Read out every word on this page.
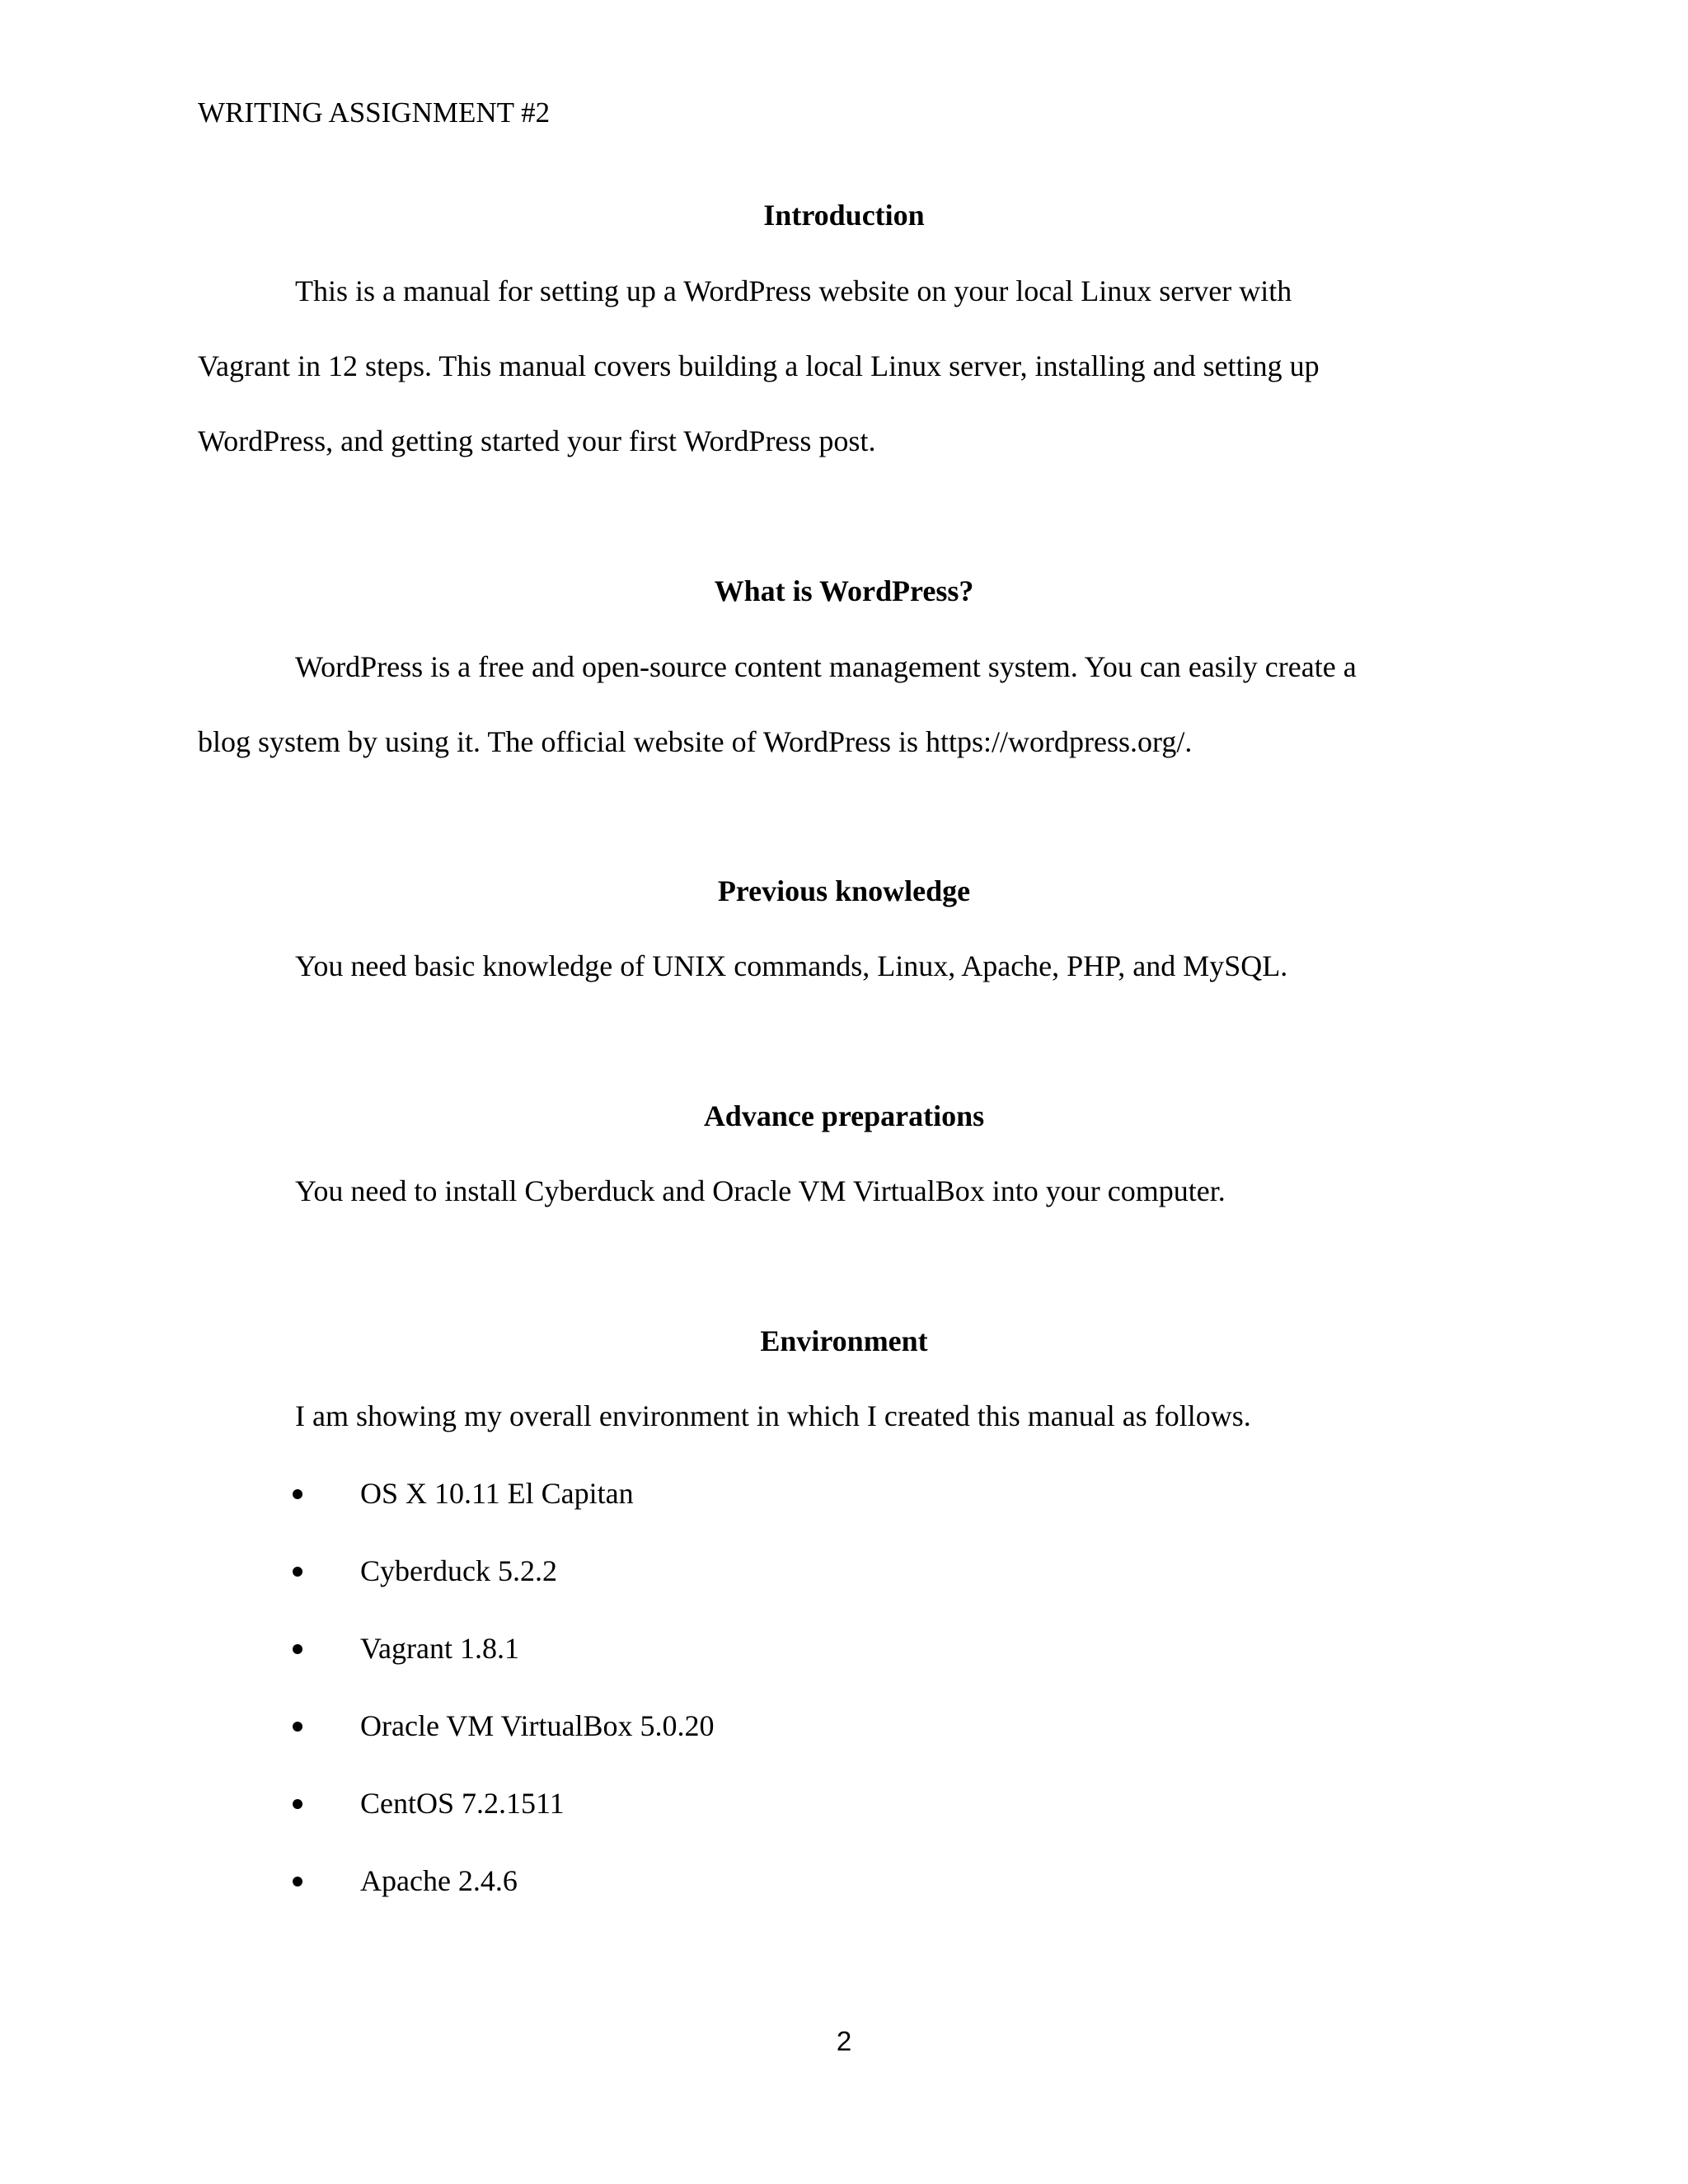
WRITING ASSIGNMENT #2
Introduction
This is a manual for setting up a WordPress website on your local Linux server with
Vagrant in 12 steps. This manual covers building a local Linux server, installing and setting up
WordPress, and getting started your first WordPress post.
What is WordPress?
WordPress is a free and open-source content management system. You can easily create a
blog system by using it. The official website of WordPress is https://wordpress.org/.
Previous knowledge
You need basic knowledge of UNIX commands, Linux, Apache, PHP, and MySQL.
Advance preparations
You need to install Cyberduck and Oracle VM VirtualBox into your computer.
Environment
I am showing my overall environment in which I created this manual as follows.
OS X 10.11 El Capitan
Cyberduck 5.2.2
Vagrant 1.8.1
Oracle VM VirtualBox 5.0.20
CentOS 7.2.1511
Apache 2.4.6
2
